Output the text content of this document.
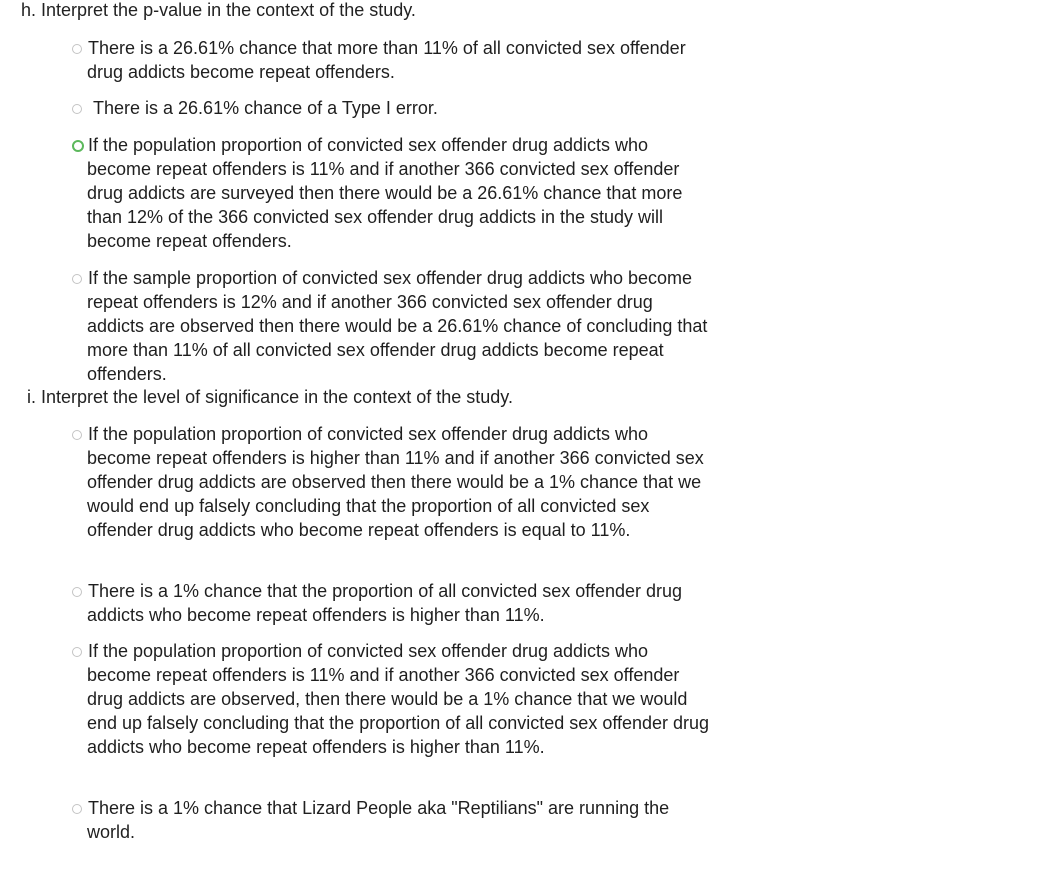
h. Interpret the p-value in the context of the study.
There is a 26.61% chance that more than 11% of all convicted sex offender drug addicts become repeat offenders.
There is a 26.61% chance of a Type I error.
If the population proportion of convicted sex offender drug addicts who become repeat offenders is 11% and if another 366 convicted sex offender drug addicts are surveyed then there would be a 26.61% chance that more than 12% of the 366 convicted sex offender drug addicts in the study will become repeat offenders.
If the sample proportion of convicted sex offender drug addicts who become repeat offenders is 12% and if another 366 convicted sex offender drug addicts are observed then there would be a 26.61% chance of concluding that more than 11% of all convicted sex offender drug addicts become repeat offenders.
i. Interpret the level of significance in the context of the study.
If the population proportion of convicted sex offender drug addicts who become repeat offenders is higher than 11% and if another 366 convicted sex offender drug addicts are observed then there would be a 1% chance that we would end up falsely concluding that the proportion of all convicted sex offender drug addicts who become repeat offenders is equal to 11%.
There is a 1% chance that the proportion of all convicted sex offender drug addicts who become repeat offenders is higher than 11%.
If the population proportion of convicted sex offender drug addicts who become repeat offenders is 11% and if another 366 convicted sex offender drug addicts are observed, then there would be a 1% chance that we would end up falsely concluding that the proportion of all convicted sex offender drug addicts who become repeat offenders is higher than 11%.
There is a 1% chance that Lizard People aka "Reptilians" are running the world.
